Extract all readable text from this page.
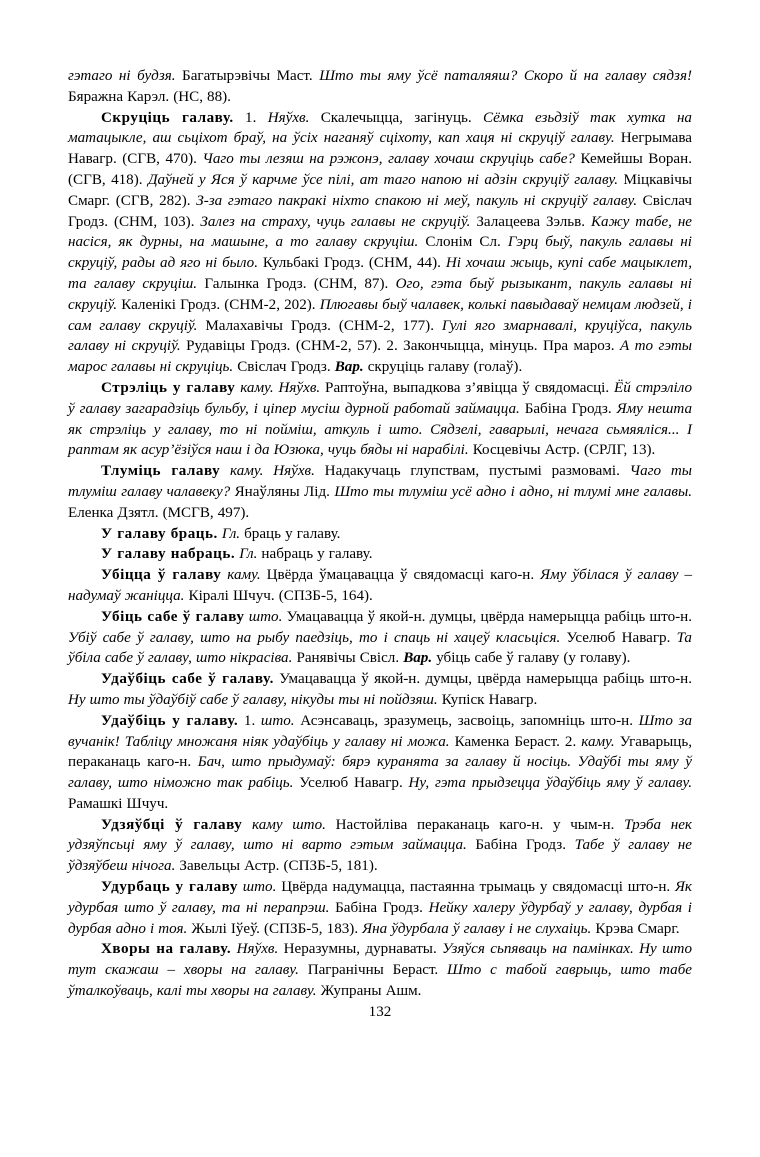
гэтаго ні будзя. Багатырэвічы Маст. Што ты яму ўсё паталяяш? Скоро й на галаву сядзя! Бяражна Карэл. (НС, 88).

Скруціць галаву. 1. Няўхв. Скалечыцца, загінуць. Сёмка езьдзіў так хутка на матацыкле, аш сьціхот браў, на ўсіх наганяў сціхоту, кап хаця ні скруціў галаву. Негрымава Навагр. (СГВ, 470). Чаго ты лезяш на рэжонэ, галаву хочаш скруціць сабе? Кемейшы Воран. (СГВ, 418). Даўней у Яся ў карчме ўсе пілі, ат таго напою ні адзін скруціў галаву. Міцкавічы Смарг. (СГВ, 282). З-за гэтаго пакракі ніхто спакою ні меў, пакуль ні скруціў галаву. Свіслач Гродз. (СНМ, 103). Залез на страху, чуць галавы не скруціў. Залацеева Зэльв. Кажу табе, не насіся, як дурны, на машыне, а то галаву скруціш. Слонім Сл. Гэрц быў, пакуль галавы ні скруціў, рады ад яго ні было. Кульбакі Гродз. (СНМ, 44). Ні хочаш жыць, купі сабе мацыклет, та галаву скруціш. Галынка Гродз. (СНМ, 87). Ого, гэта быў рызыкант, пакуль галавы ні скруціў. Каленікі Гродз. (СНМ-2, 202). Плюгавы быў чалавек, колькі павыдаваў немцам людзей, і сам галаву скруціў. Малахавічы Гродз. (СНМ-2, 177). Гулі яго змарнавалі, круціўса, пакуль галаву ні скруціў. Рудавіцы Гродз. (СНМ-2, 57). 2. Закончыцца, мінуць. Пра мароз. А то гэты марос галавы ні скруціць. Свіслач Гродз. Вар. скруціць галаву (голаў).

Стрэліць у галаву каму. Няўхв. Раптоўна, выпадкова з’явіцца ў свядомасці. Ёй стрэліло ў галаву загарадзіць бульбу, і ціпер мусіш дурной работай займацца. Бабіна Гродз. Яму нешта як стрэліць у галаву, то ні пойміш, аткуль і што. Сядзелі, гаварылі, нечага сьмяяліся... І раптам як асур’ёзіўся наш і да Юзюка, чуць бяды ні нарабілі. Косцевічы Астр. (СРЛГ, 13).

Тлуміць галаву каму. Няўхв. Надакучаць глупствам, пустымі размовамі. Чаго ты тлуміш галаву чалавеку? Янаўляны Лід. Што ты тлуміш усё адно і адно, ні тлумі мне галавы. Еленка Дзятл. (МСГВ, 497).

У галаву браць. Гл. браць у галаву.

У галаву набраць. Гл. набраць у галаву.

Убіцца ў галаву каму. Цвёрда ўмацавацца ў свядомасці каго-н. Яму ўбілася ў галаву – надумаў жаніцца. Кіралі Шчуч. (СПЗБ-5, 164).

Убіць сабе ў галаву што. Умацавацца ў якой-н. думцы, цвёрда намерыцца рабіць што-н. Убіў сабе ў галаву, што на рыбу паедзіць, то і спаць ні хацеў класьціся. Уселюб Навагр. Та ўбіла сабе ў галаву, што нікрасіва. Ранявічы Свісл. Вар. убіць сабе ў галаву (у голаву).

Удаўбіць сабе ў галаву. Умацавацца ў якой-н. думцы, цвёрда намерыцца рабіць што-н. Ну што ты ўдаўбіў сабе ў галаву, нікуды ты ні пойдзяш. Купіск Навагр.

Удаўбіць у галаву. 1. што. Асэнсаваць, зразумець, засвоіць, запомніць што-н. Што за вучанік! Табліцу множаня ніяк удаўбіць у галаву ні можа. Каменка Бераст. 2. каму. Угаварыць, пераканаць каго-н. Бач, што прыдумаў: бярэ куранята за галаву й носіць. Удаўбі ты яму ў галаву, што німожно так рабіць. Уселюб Навагр. Ну, гэта прыдзецца ўдаўбіць яму ў галаву. Рамашкі Шчуч.

Удзяўбці ў галаву каму што. Настойліва пераканаць каго-н. у чым-н. Трэба нек удзяўпсьці яму ў галаву, што ні варто гэтым займацца. Бабіна Гродз. Табе ў галаву не ўдзяўбеш нічога. Завельцы Астр. (СПЗБ-5, 181).

Удурбаць у галаву што. Цвёрда надумацца, пастаянна трымаць у свядомасці што-н. Як удурбая што ў галаву, та ні перапрэш. Бабіна Гродз. Нейку халеру ўдурбаў у галаву, дурбая і дурбая адно і тоя. Жылі Іўеў. (СПЗБ-5, 183). Яна ўдурбала ў галаву і не слухаіць. Крэва Смарг.

Хворы на галаву. Няўхв. Неразумны, дурнаваты. Узяўся сьпяваць на памінках. Ну што тут скажаш – хворы на галаву. Пагранічны Бераст. Што с табой гаврыць, што табе ўталкоўваць, калі ты хворы на галаву. Жупраны Ашм.

132
